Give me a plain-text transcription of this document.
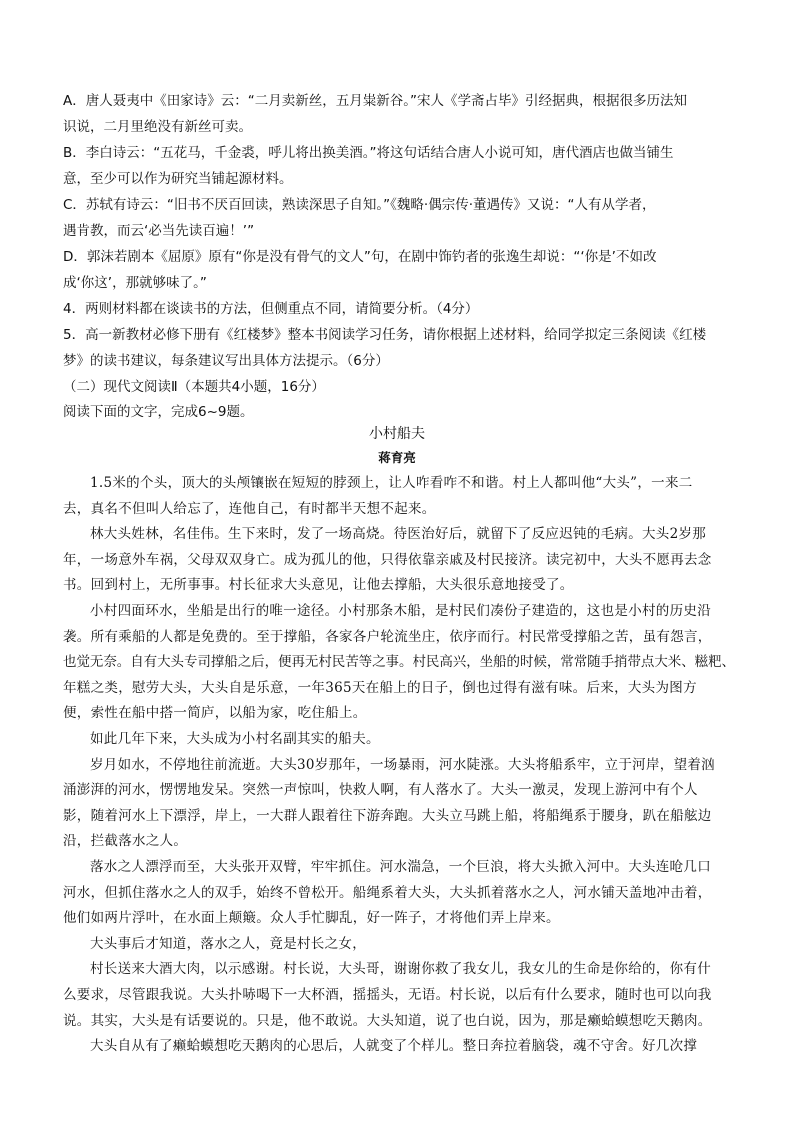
A．唐人聂夷中《田家诗》云：“二月卖新丝，五月粜新谷。”宋人《学斋占毕》引经据典，根据很多历法知
识说，二月里绝没有新丝可卖。
B．李白诗云：“五花马，千金裘，呼儿将出换美酒。”将这句话结合唐人小说可知，唐代酒店也做当铺生
意，至少可以作为研究当铺起源材料。
C．苏轼有诗云：“旧书不厌百回读，熟读深思子自知。”《魏略·偶宗传·董遇传》又说：“人有从学者，
遇肯教，而云‘必当先读百遍！’”
D．郭沫若剧本《屈原》原有“你是没有骨气的文人”句，在剧中饰钓者的张逸生却说：“‘你是’不如改
成‘你这’，那就够味了。”
4．两则材料都在谈读书的方法，但侧重点不同，请简要分析。（4分）
5．高一新教材必修下册有《红楼梦》整本书阅读学习任务，请你根据上述材料，给同学拟定三条阅读《红楼
梦》的读书建议，每条建议写出具体方法提示。（6分）
（二）现代文阅读Ⅱ（本题共4小题，16分）
阅读下面的文字，完成6~9题。
小村船夫
蒋育亮
1.5米的个头，顶大的头颅镶嵌在短短的脖颈上，让人咋看咋不和谐。村上人都叫他“大头”，一来二
去，真名不但叫人给忘了，连他自己，有时都半天想不起来。
林大头姓林，名佳伟。生下来时，发了一场高烧。待医治好后，就留下了反应迟钝的毛病。大头2岁那
年，一场意外车祸，父母双双身亡。成为孤儿的他，只得依靠亲戚及村民接济。读完初中，大头不愿再去念
书。回到村上，无所事事。村长征求大头意见，让他去撑船，大头很乐意地接受了。
小村四面环水，坐船是出行的唯一途径。小村那条木船，是村民们凑份子建造的，这也是小村的历史沿
袭。所有乘船的人都是免费的。至于撑船，各家各户轮流坐庄，依序而行。村民常受撑船之苦，虽有怨言，
也觉无奈。自有大头专司撑船之后，便再无村民苦等之事。村民高兴，坐船的时候，常常随手捎带点大米、糍粑、
年糕之类，慰劳大头，大头自是乐意，一年365天在船上的日子，倒也过得有滋有味。后来，大头为图方
便，索性在船中搭一简庐，以船为家，吃住船上。
如此几年下来，大头成为小村名副其实的船夫。
岁月如水，不停地往前流逝。大头30岁那年，一场暴雨，河水陡涨。大头将船系牢，立于河岸，望着汹
涌澎湃的河水，愣愣地发呆。突然一声惊叫，快救人啊，有人落水了。大头一激灵，发现上游河中有个人
影，随着河水上下漂浮，岸上，一大群人跟着往下游奔跑。大头立马跳上船，将船绳系于腰身，趴在船舷边
沿，拦截落水之人。
落水之人漂浮而至，大头张开双臂，牢牢抓住。河水湍急，一个巨浪，将大头掀入河中。大头连呛几口
河水，但抓住落水之人的双手，始终不曾松开。船绳系着大头，大头抓着落水之人，河水铺天盖地冲击着，
他们如两片浮叶，在水面上颠簸。众人手忙脚乱，好一阵子，才将他们弄上岸来。
大头事后才知道，落水之人，竟是村长之女，
村长送来大酒大肉，以示感谢。村长说，大头哥，谢谢你救了我女儿，我女儿的生命是你给的，你有什
么要求，尽管跟我说。大头扑哧喝下一大杯酒，摇摇头，无语。村长说，以后有什么要求，随时也可以向我
说。其实，大头是有话要说的。只是，他不敢说。大头知道，说了也白说，因为，那是癞蛤蟆想吃天鹅肉。
大头自从有了癞蛤蟆想吃天鹅肉的心思后，人就变了个样儿。整日奔拉着脑袋，魂不守舍。好几次撑
